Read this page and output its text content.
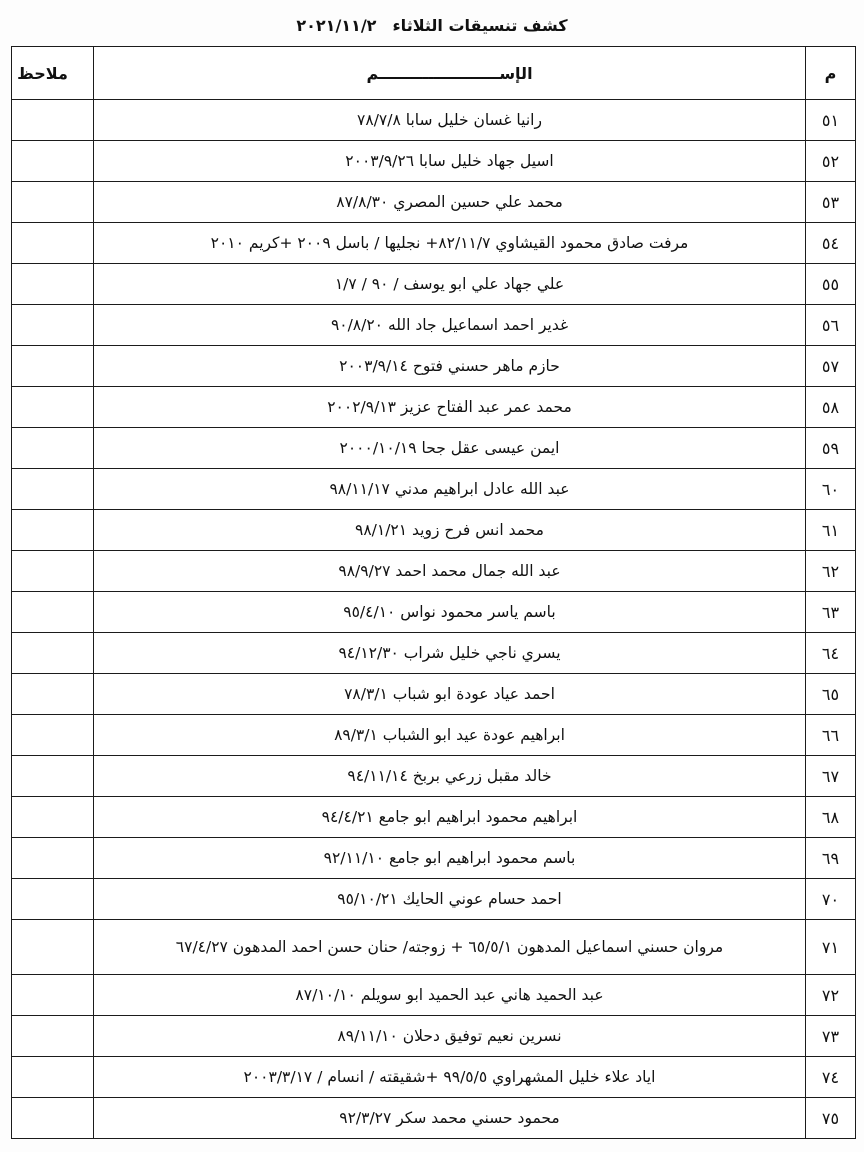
كشف تنسيقات الثلاثاء ٢٠٢١/١١/٢
م	الإســــــــــــــــــــــم	ملاحظ
٥١	رانيا غسان خليل سابا ٧٨/٧/٨	
٥٢	اسيل جهاد خليل سابا ٢٠٠٣/٩/٢٦	
٥٣	محمد علي حسين المصري ٨٧/٨/٣٠	
٥٤	مرفت صادق محمود القيشاوي ٨٢/١١/٧+ نجليها / باسل ٢٠٠٩ +كريم ٢٠١٠	
٥٥	علي جهاد علي ابو يوسف / ٩٠ / ١/٧	
٥٦	غدير احمد اسماعيل جاد الله ٩٠/٨/٢٠	
٥٧	حازم ماهر حسني فتوح ٢٠٠٣/٩/١٤	
٥٨	محمد عمر عبد الفتاح عزيز ٢٠٠٢/٩/١٣	
٥٩	ايمن عيسى عقل جحا ٢٠٠٠/١٠/١٩	
٦٠	عبد الله عادل ابراهيم مدني ٩٨/١١/١٧	
٦١	محمد انس فرح زويد ٩٨/١/٢١	
٦٢	عبد الله جمال محمد احمد ٩٨/٩/٢٧	
٦٣	باسم ياسر محمود نواس ٩٥/٤/١٠	
٦٤	يسري ناجي خليل شراب ٩٤/١٢/٣٠	
٦٥	احمد عياد عودة ابو شباب ٧٨/٣/١	
٦٦	ابراهيم عودة عيد ابو الشباب ٨٩/٣/١	
٦٧	خالد مقبل زرعي بربخ ٩٤/١١/١٤	
٦٨	ابراهيم محمود ابراهيم ابو جامع ٩٤/٤/٢١	
٦٩	باسم محمود ابراهيم ابو جامع ٩٢/١١/١٠	
٧٠	احمد حسام عوني الحايك ٩٥/١٠/٢١	
٧١	مروان حسني اسماعيل المدهون ٦٥/٥/١ + زوجته/ حنان حسن احمد المدهون ٦٧/٤/٢٧	
٧٢	عبد الحميد هاني عبد الحميد ابو سويلم ٨٧/١٠/١٠	
٧٣	نسرين نعيم توفيق دحلان ٨٩/١١/١٠	
٧٤	اياد علاء خليل المشهراوي ٩٩/٥/٥ +شقيقته / انسام / ٢٠٠٣/٣/١٧	
٧٥	محمود حسني محمد سكر ٩٢/٣/٢٧	
